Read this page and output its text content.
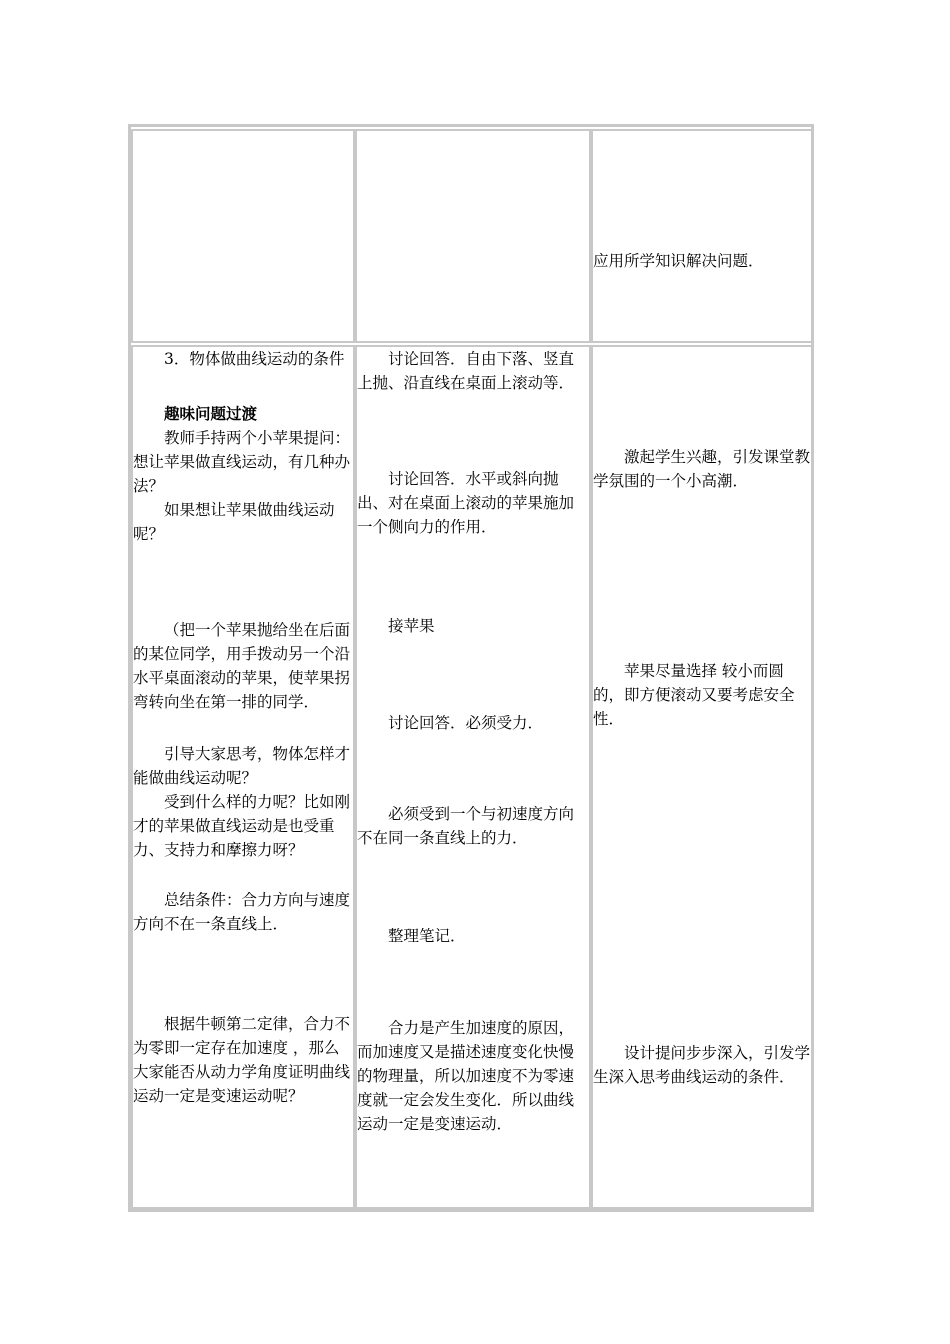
应用所学知识解决问题．
3．物体做曲线运动的条件
趣味问题过渡
教师手持两个小苹果提问：想让苹果做直线运动，有几种办法？
如果想让苹果做曲线运动呢？
（把一个苹果抛给坐在后面的某位同学，用手拨动另一个沿水平桌面滚动的苹果，使苹果拐弯转向坐在第一排的同学．
引导大家思考，物体怎样才能做曲线运动呢？
受到什么样的力呢？比如刚才的苹果做直线运动是也受重力、支持力和摩擦力呀？
总结条件：合力方向与速度方向不在一条直线上．
根据牛顿第二定律，合力不为零即一定存在加速度 ，那么大家能否从动力学角度证明曲线运动一定是变速运动呢？
讨论回答．自由下落、竖直上抛、沿直线在桌面上滚动等．
讨论回答．水平或斜向抛出、对在桌面上滚动的苹果施加一个侧向力的作用．
接苹果
讨论回答．必须受力．
必须受到一个与初速度方向不在同一条直线上的力．
整理笔记．
合力是产生加速度的原因，而加速度又是描述速度变化快慢的物理量，所以加速度不为零速度就一定会发生变化．所以曲线运动一定是变速运动．
激起学生兴趣，引发课堂教学氛围的一个小高潮．
苹果尽量选择 较小而圆的，即方便滚动又要考虑安全性．
设计提问步步深入，引发学生深入思考曲线运动的条件．
